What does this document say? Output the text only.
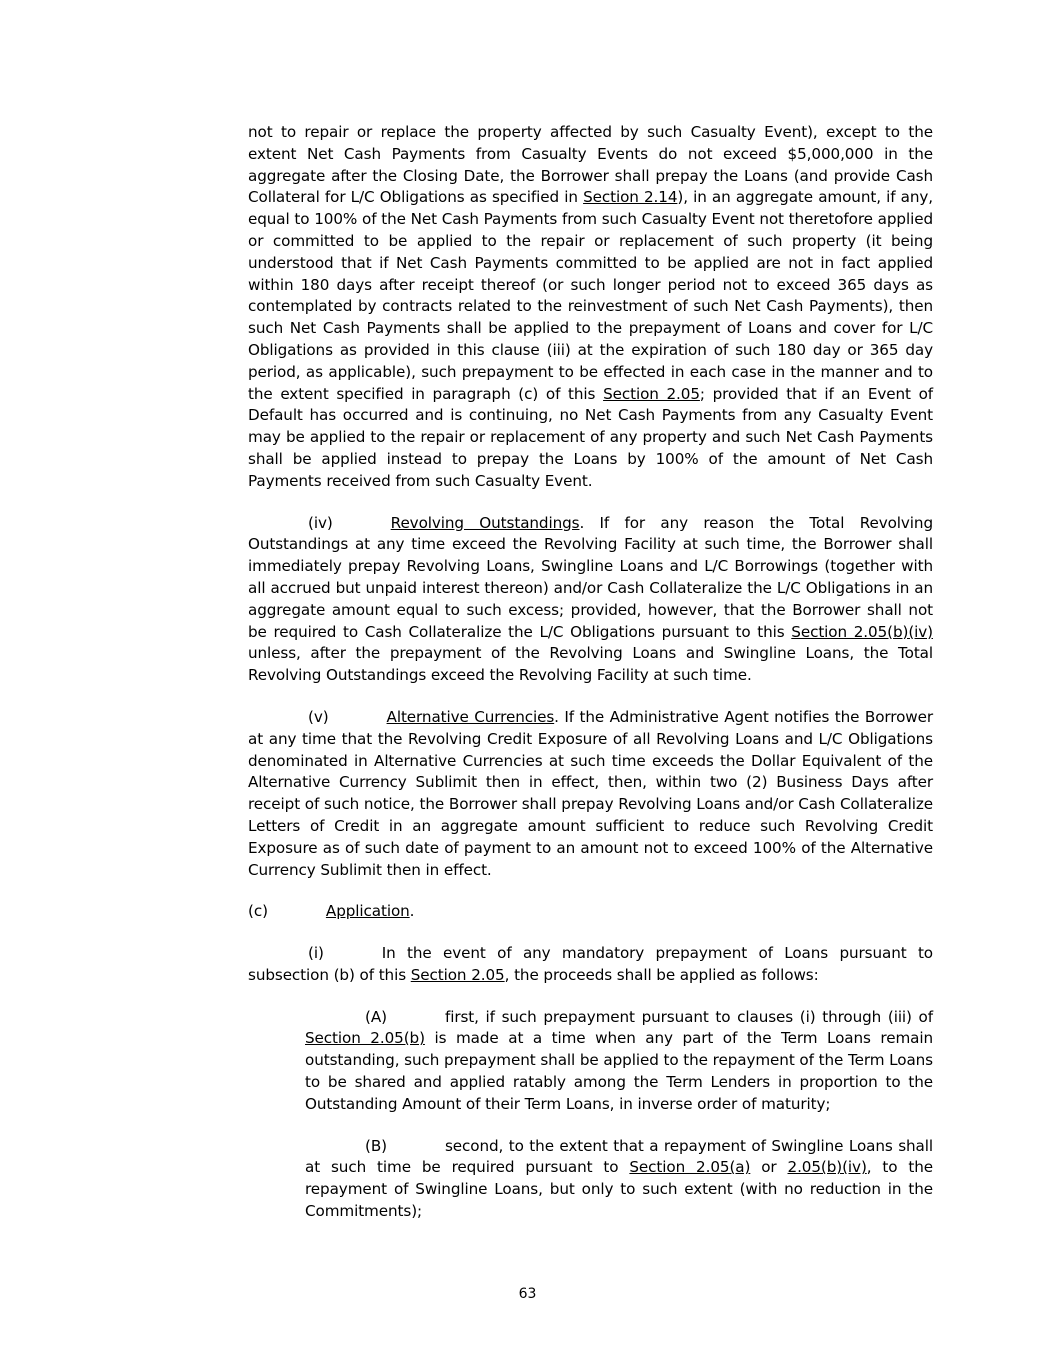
not to repair or replace the property affected by such Casualty Event), except to the extent Net Cash Payments from Casualty Events do not exceed $5,000,000 in the aggregate after the Closing Date, the Borrower shall prepay the Loans (and provide Cash Collateral for L/C Obligations as specified in Section 2.14), in an aggregate amount, if any, equal to 100% of the Net Cash Payments from such Casualty Event not theretofore applied or committed to be applied to the repair or replacement of such property (it being understood that if Net Cash Payments committed to be applied are not in fact applied within 180 days after receipt thereof (or such longer period not to exceed 365 days as contemplated by contracts related to the reinvestment of such Net Cash Payments), then such Net Cash Payments shall be applied to the prepayment of Loans and cover for L/C Obligations as provided in this clause (iii) at the expiration of such 180 day or 365 day period, as applicable), such prepayment to be effected in each case in the manner and to the extent specified in paragraph (c) of this Section 2.05; provided that if an Event of Default has occurred and is continuing, no Net Cash Payments from any Casualty Event may be applied to the repair or replacement of any property and such Net Cash Payments shall be applied instead to prepay the Loans by 100% of the amount of Net Cash Payments received from such Casualty Event.

(iv)	Revolving Outstandings. If for any reason the Total Revolving Outstandings at any time exceed the Revolving Facility at such time, the Borrower shall immediately prepay Revolving Loans, Swingline Loans and L/C Borrowings (together with all accrued but unpaid interest thereon) and/or Cash Collateralize the L/C Obligations in an aggregate amount equal to such excess; provided, however, that the Borrower shall not be required to Cash Collateralize the L/C Obligations pursuant to this Section 2.05(b)(iv) unless, after the prepayment of the Revolving Loans and Swingline Loans, the Total Revolving Outstandings exceed the Revolving Facility at such time.

(v)	Alternative Currencies. If the Administrative Agent notifies the Borrower at any time that the Revolving Credit Exposure of all Revolving Loans and L/C Obligations denominated in Alternative Currencies at such time exceeds the Dollar Equivalent of the Alternative Currency Sublimit then in effect, then, within two (2) Business Days after receipt of such notice, the Borrower shall prepay Revolving Loans and/or Cash Collateralize Letters of Credit in an aggregate amount sufficient to reduce such Revolving Credit Exposure as of such date of payment to an amount not to exceed 100% of the Alternative Currency Sublimit then in effect.

(c)	Application.

(i)	In the event of any mandatory prepayment of Loans pursuant to subsection (b) of this Section 2.05, the proceeds shall be applied as follows:

(A)	first, if such prepayment pursuant to clauses (i) through (iii) of Section 2.05(b) is made at a time when any part of the Term Loans remain outstanding, such prepayment shall be applied to the repayment of the Term Loans to be shared and applied ratably among the Term Lenders in proportion to the Outstanding Amount of their Term Loans, in inverse order of maturity;

(B)	second, to the extent that a repayment of Swingline Loans shall at such time be required pursuant to Section 2.05(a) or 2.05(b)(iv), to the repayment of Swingline Loans, but only to such extent (with no reduction in the Commitments);

63
